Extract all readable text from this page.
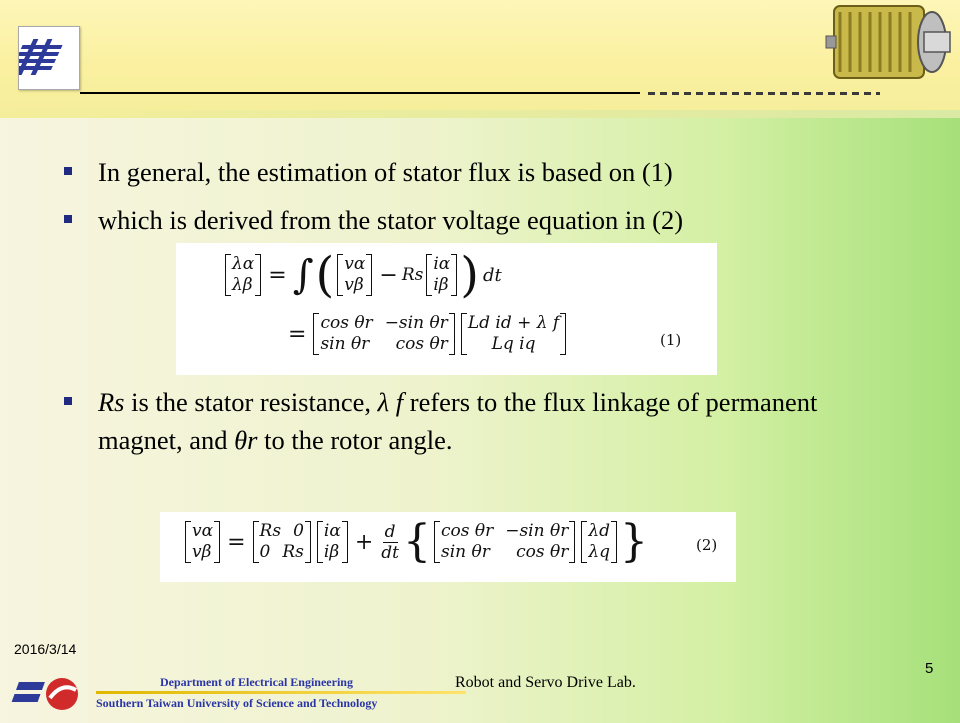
In general, the estimation of stator flux is based on (1)
which is derived from the stator voltage equation in (2)
Rs is the stator resistance, λ f refers to the flux linkage of permanent magnet, and θr to the rotor angle.
λα
λβ = ∫ ( vα
vβ − Rs
iα
iβ ) dt
= cos θr −sin θr
sin θr cos θr
Ld id + λ f
Lq iq	(1)
vα
vβ = Rs 0
0 Rs
iα
$i\beta + \frac{d}{dt}$ { cos θr −sin θr
sin θr cos θr
λd
λq }	(2)
2016/3/14
Department of Electrical Engineering
Southern Taiwan University of Science and Technology
Robot and Servo Drive Lab.
5
